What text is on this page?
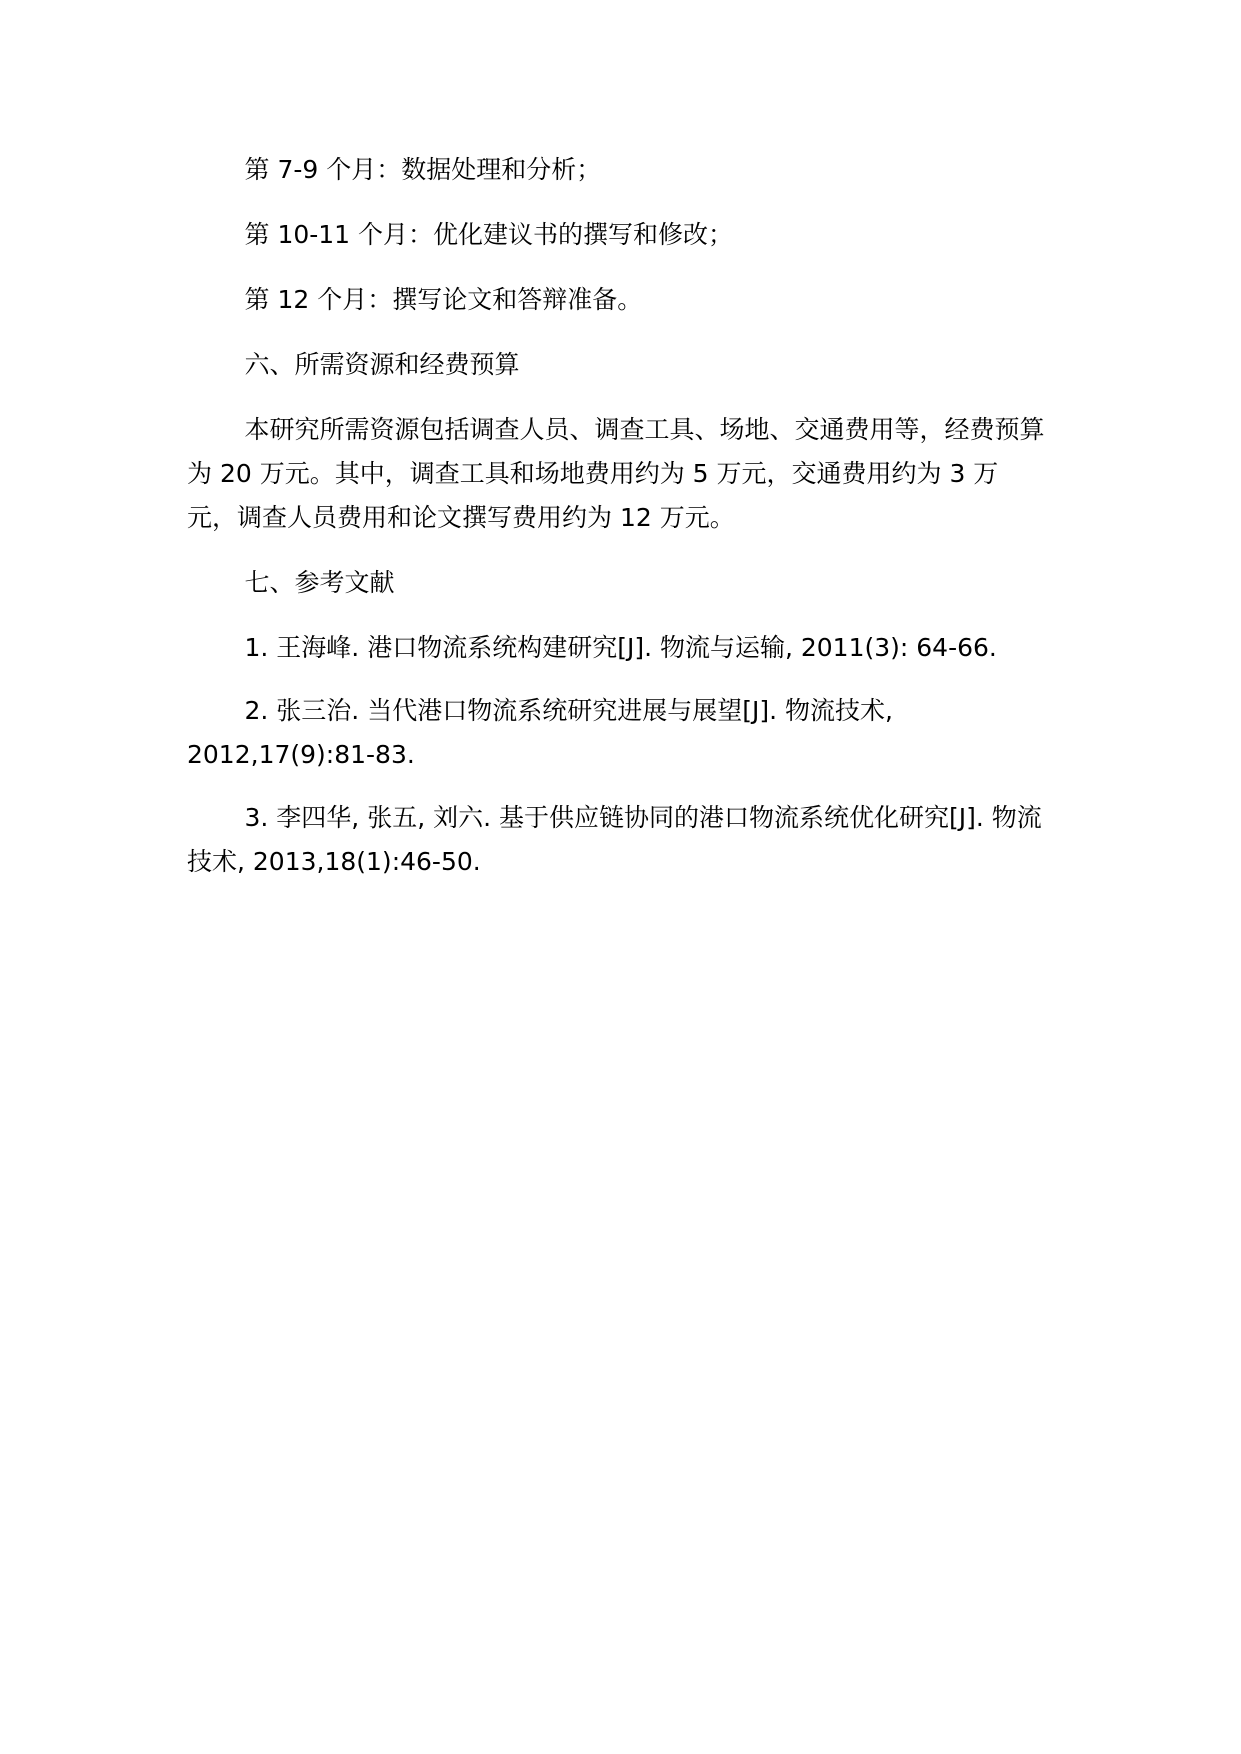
第 7-9 个月：数据处理和分析；

第 10-11 个月：优化建议书的撰写和修改；

第 12 个月：撰写论文和答辩准备。

六、所需资源和经费预算

本研究所需资源包括调查人员、调查工具、场地、交通费用等，经费预算为 20 万元。其中，调查工具和场地费用约为 5 万元，交通费用约为 3 万元，调查人员费用和论文撰写费用约为 12 万元。

七、参考文献

1. 王海峰. 港口物流系统构建研究[J]. 物流与运输, 2011(3): 64-66.

2. 张三治. 当代港口物流系统研究进展与展望[J]. 物流技术, 2012,17(9):81-83.

3. 李四华, 张五, 刘六. 基于供应链协同的港口物流系统优化研究[J]. 物流技术, 2013,18(1):46-50.
